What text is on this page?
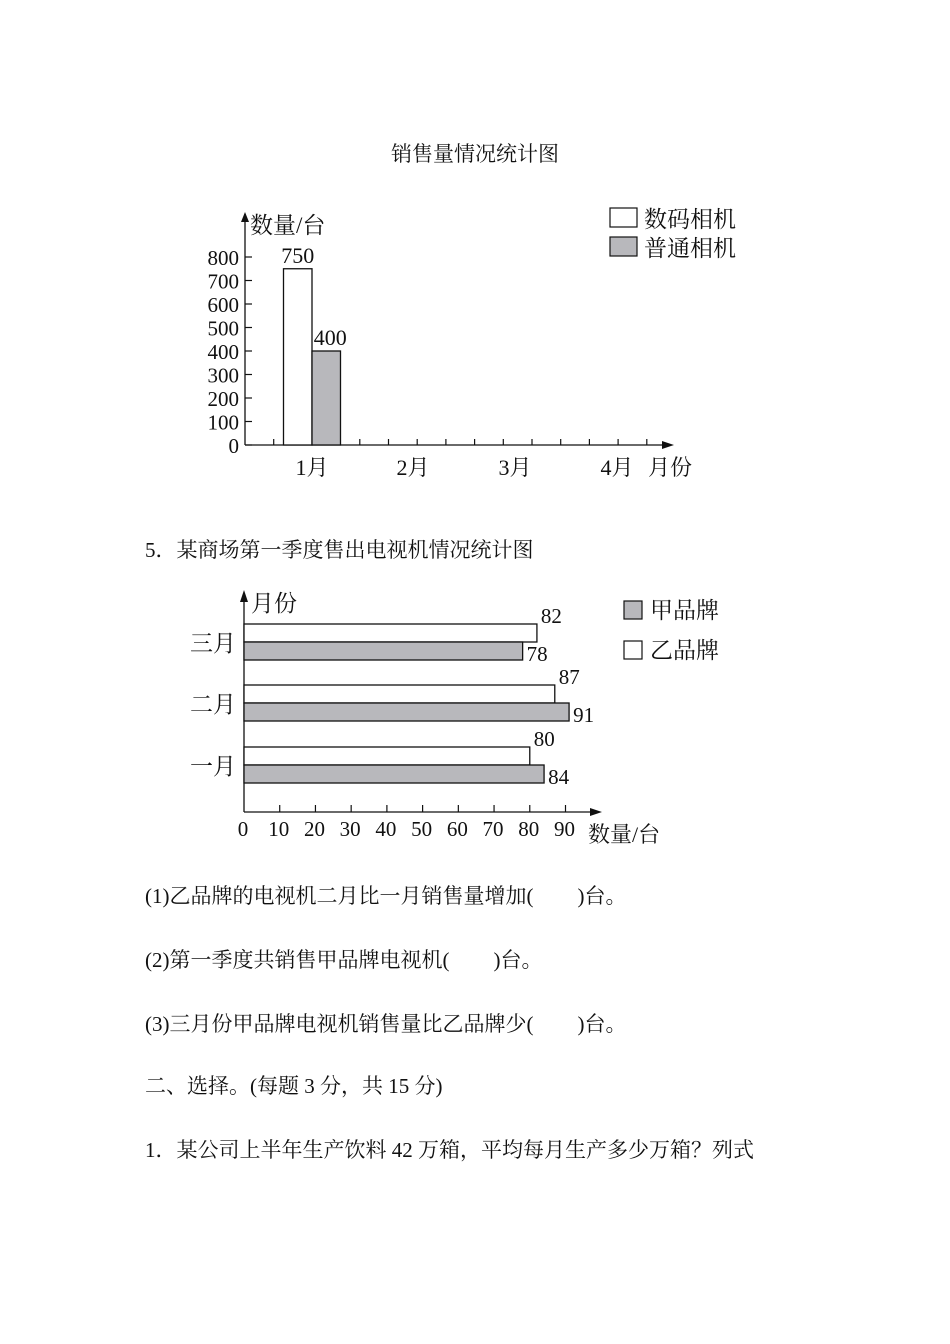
销售量情况统计图
数量/台
月份
数码相机
普通相机
0
100
200
300
400
500
600
700
800
1月	2月	3月	4月
750
400
5．某商场第一季度售出电视机情况统计图
月份
数量/台
甲品牌
乙品牌
0 10 20 30 40 50 60 70 80 90
三月
二月
一月
82
87
80
78
91
84
(1)乙品牌的电视机二月比一月销售量增加( )台。
(2)第一季度共销售甲品牌电视机( )台。
(3)三月份甲品牌电视机销售量比乙品牌少( )台。
二、选择。(每题 3 分，共 15 分)
1．某公司上半年生产饮料 42 万箱，平均每月生产多少万箱？列式
